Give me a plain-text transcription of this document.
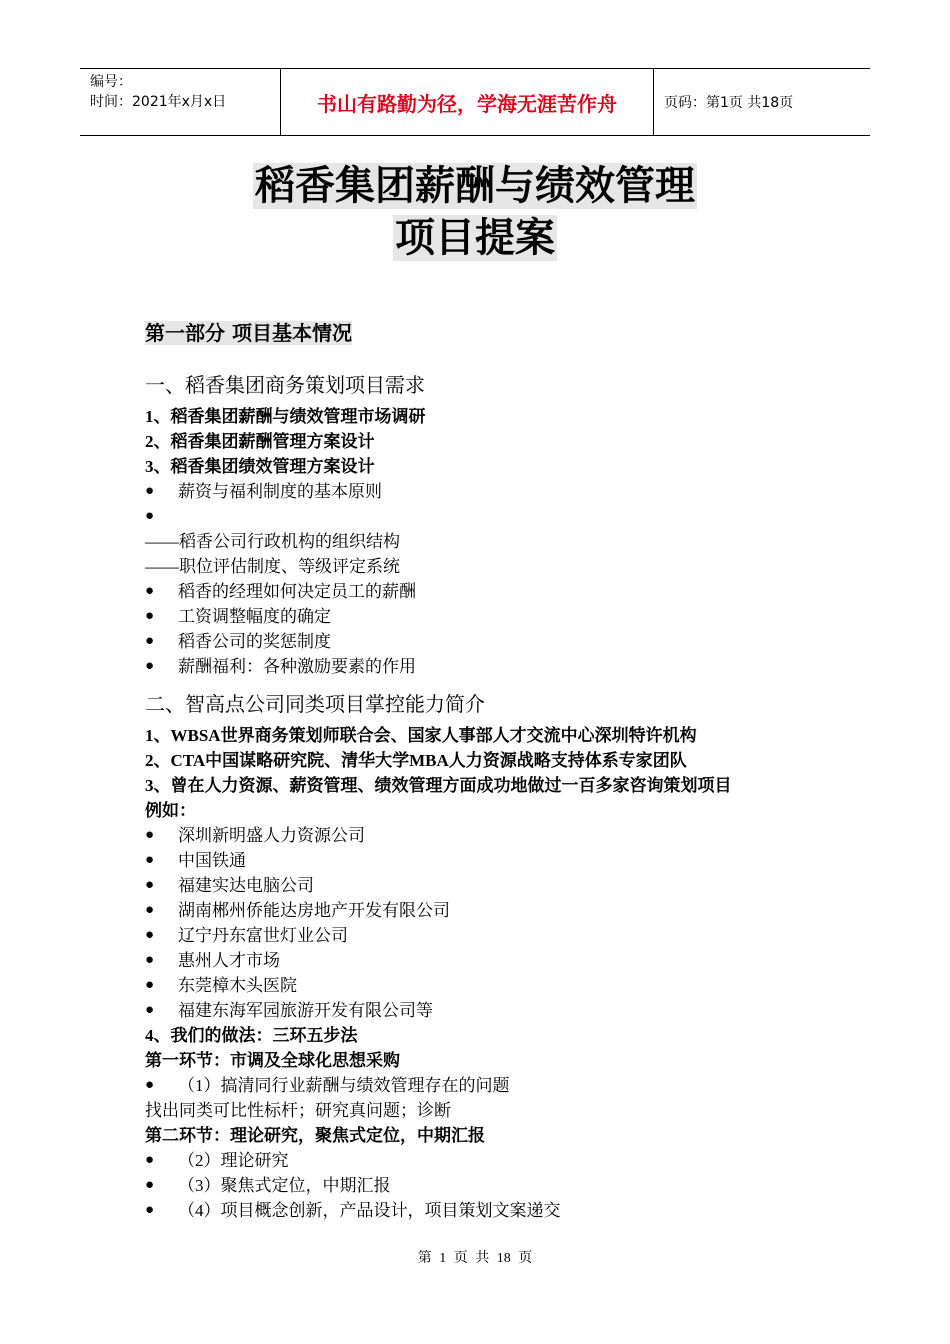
编号：
时间：2021年x月x日	书山有路勤为径，学海无涯苦作舟	页码：第1页 共18页
稻香集团薪酬与绩效管理
项目提案
第一部分 项目基本情况
一、稻香集团商务策划项目需求
1、稻香集团薪酬与绩效管理市场调研
2、稻香集团薪酬管理方案设计
3、稻香集团绩效管理方案设计
●	薪资与福利制度的基本原则
●
——稻香公司行政机构的组织结构
——职位评估制度、等级评定系统
●	稻香的经理如何决定员工的薪酬
●	工资调整幅度的确定
●	稻香公司的奖惩制度
●	薪酬福利：各种激励要素的作用
二、智高点公司同类项目掌控能力简介
1、WBSA世界商务策划师联合会、国家人事部人才交流中心深圳特许机构
2、CTA中国谋略研究院、清华大学MBA人力资源战略支持体系专家团队
3、曾在人力资源、薪资管理、绩效管理方面成功地做过一百多家咨询策划项目
例如：
●	深圳新明盛人力资源公司
●	中国铁通
●	福建实达电脑公司
●	湖南郴州侨能达房地产开发有限公司
●	辽宁丹东富世灯业公司
●	惠州人才市场
●	东莞樟木头医院
●	福建东海军园旅游开发有限公司等
4、我们的做法：三环五步法
第一环节：市调及全球化思想采购
●	（1）搞清同行业薪酬与绩效管理存在的问题
找出同类可比性标杆；研究真问题；诊断
第二环节：理论研究，聚焦式定位，中期汇报
●	（2）理论研究
●	（3）聚焦式定位，中期汇报
●	（4）项目概念创新，产品设计，项目策划文案递交
第 1 页 共 18 页
